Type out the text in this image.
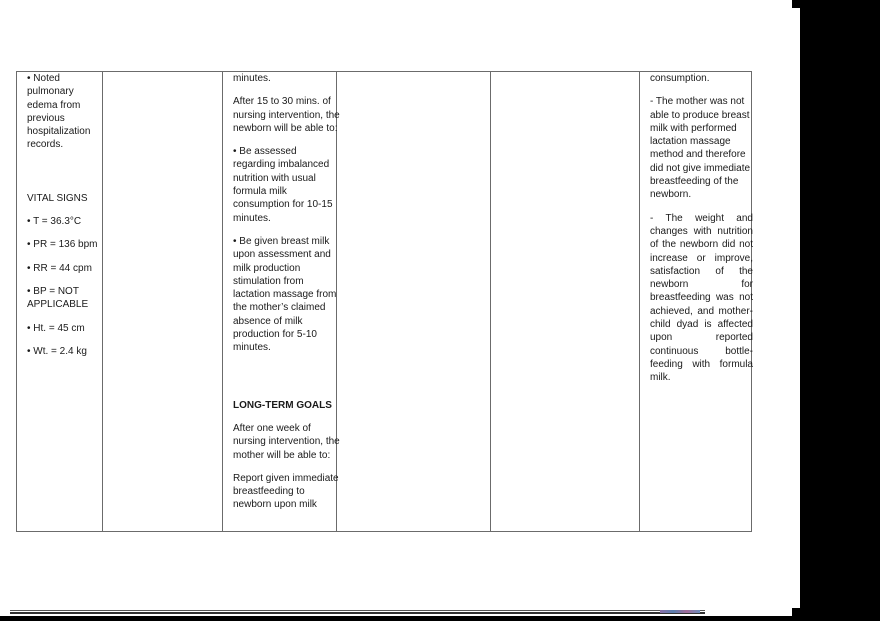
• Noted pulmonary edema from previous hospitalization records.

VITAL SIGNS

• T = 36.3°C

• PR = 136 bpm

• RR = 44 cpm

• BP = NOT APPLICABLE

• Ht. = 45 cm

• Wt. = 2.4 kg

minutes.

After 15 to 30 mins. of nursing intervention, the newborn will be able to:

• Be assessed regarding imbalanced nutrition with usual formula milk consumption for 10-15 minutes.

• Be given breast milk upon assessment and milk production stimulation from lactation massage from the mother’s claimed absence of milk production for 5-10 minutes.

LONG-TERM GOALS

After one week of nursing intervention, the mother will be able to:

Report given immediate breastfeeding to newborn upon milk

consumption.

- The mother was not able to produce breast milk with performed lactation massage method and therefore did not give immediate breastfeeding of the newborn.

- The weight and changes with nutrition of the newborn did not increase or improve, satisfaction of the newborn for breastfeeding was not achieved, and mother-child dyad is affected upon reported continuous bottle-feeding with formula milk.
